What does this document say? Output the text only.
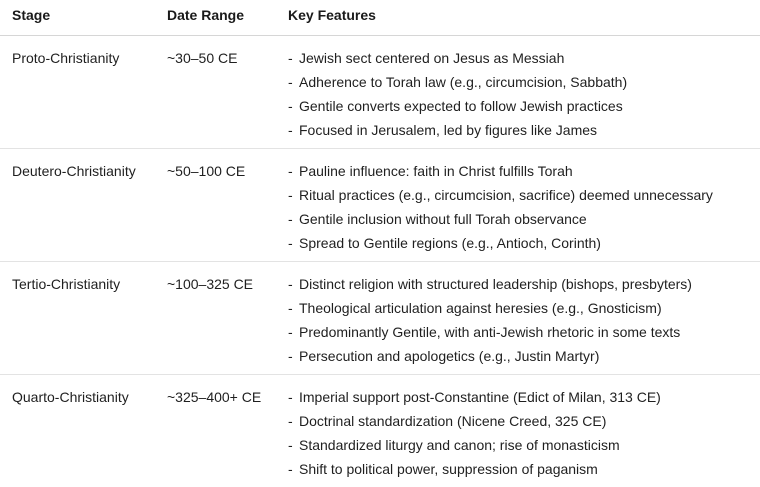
Stage	Date Range	Key Features
Proto-Christianity	~30–50 CE	- Jewish sect centered on Jesus as Messiah
- Adherence to Torah law (e.g., circumcision, Sabbath)
- Gentile converts expected to follow Jewish practices
- Focused in Jerusalem, led by figures like James
Deutero-Christianity ~50–100 CE	- Pauline influence: faith in Christ fulfills Torah
- Ritual practices (e.g., circumcision, sacrifice) deemed unnecessary
- Gentile inclusion without full Torah observance
- Spread to Gentile regions (e.g., Antioch, Corinth)
Tertio-Christianity	~100–325 CE - Distinct religion with structured leadership (bishops, presbyters)
- Theological articulation against heresies (e.g., Gnosticism)
- Predominantly Gentile, with anti-Jewish rhetoric in some texts
- Persecution and apologetics (e.g., Justin Martyr)
Quarto-Christianity	~325–400+ CE - Imperial support post-Constantine (Edict of Milan, 313 CE)
- Doctrinal standardization (Nicene Creed, 325 CE)
- Standardized liturgy and canon; rise of monasticism
- Shift to political power, suppression of paganism
